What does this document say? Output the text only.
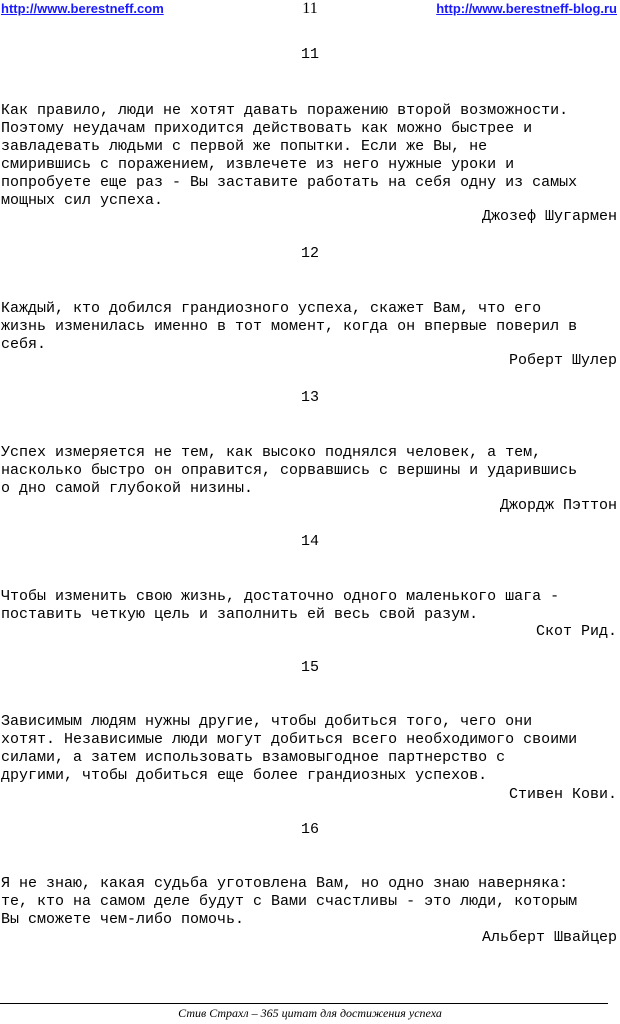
http://www.berestneff.com	11	http://www.berestneff-blog.ru
11

Как правило, люди не хотят давать поражению второй возможности.
Поэтому неудачам приходится действовать как можно быстрее и
завладевать людьми с первой же попытки. Если же Вы, не
смирившись с поражением, извлечете из него нужные уроки и
попробуете еще раз - Вы заставите работать на себя одну из самых
мощных сил успеха.

Джозеф Шугармен
12

Каждый, кто добился грандиозного успеха, скажет Вам, что его
жизнь изменилась именно в тот момент, когда он впервые поверил в
себя.

Роберт Шулер
13

Успех измеряется не тем, как высоко поднялся человек, а тем,
насколько быстро он оправится, сорвавшись с вершины и ударившись
о дно самой глубокой низины.

Джордж Пэттон
14

Чтобы изменить свою жизнь, достаточно одного маленького шага -
поставить четкую цель и заполнить ей весь свой разум.

Скот Рид.
15

Зависимым людям нужны другие, чтобы добиться того, чего они
хотят. Независимые люди могут добиться всего необходимого своими
силами, а затем использовать взамовыгодное партнерство с
другими, чтобы добиться еще более грандиозных успехов.

Стивен Кови.
16

Я не знаю, какая судьба уготовлена Вам, но одно знаю наверняка:
те, кто на самом деле будут с Вами счастливы - это люди, которым
Вы сможете чем-либо помочь.

Альберт Швайцер
Стив Страхл – 365 цитат для достижения успеха
